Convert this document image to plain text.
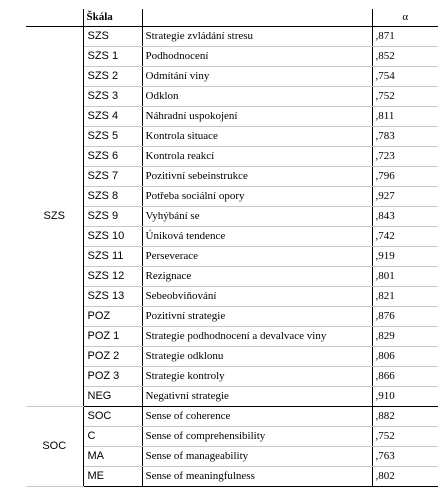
	Škála		α
SZS	SZS	Strategie zvládání stresu	,871
	SZS 1	Podhodnocení	,852
	SZS 2	Odmítání viny	,754
	SZS 3	Odklon	,752
	SZS 4	Náhradní uspokojení	,811
	SZS 5	Kontrola situace	,783
	SZS 6	Kontrola reakcí	,723
	SZS 7	Pozitivní sebeinstrukce	,796
	SZS 8	Potřeba sociální opory	,927
	SZS 9	Vyhýbání se	,843
	SZS 10	Úniková tendence	,742
	SZS 11	Perseverace	,919
	SZS 12	Rezignace	,801
	SZS 13	Sebeobviňování	,821
	POZ	Pozitivní strategie	,876
	POZ 1	Strategie podhodnocení a devalvace viny	,829
	POZ 2	Strategie odklonu	,806
	POZ 3	Strategie kontroly	,866
	NEG	Negativní strategie	,910
SOC	SOC	Sense of coherence	,882
	C	Sense of comprehensibility	,752
	MA	Sense of manageability	,763
	ME	Sense of meaningfulness	,802
